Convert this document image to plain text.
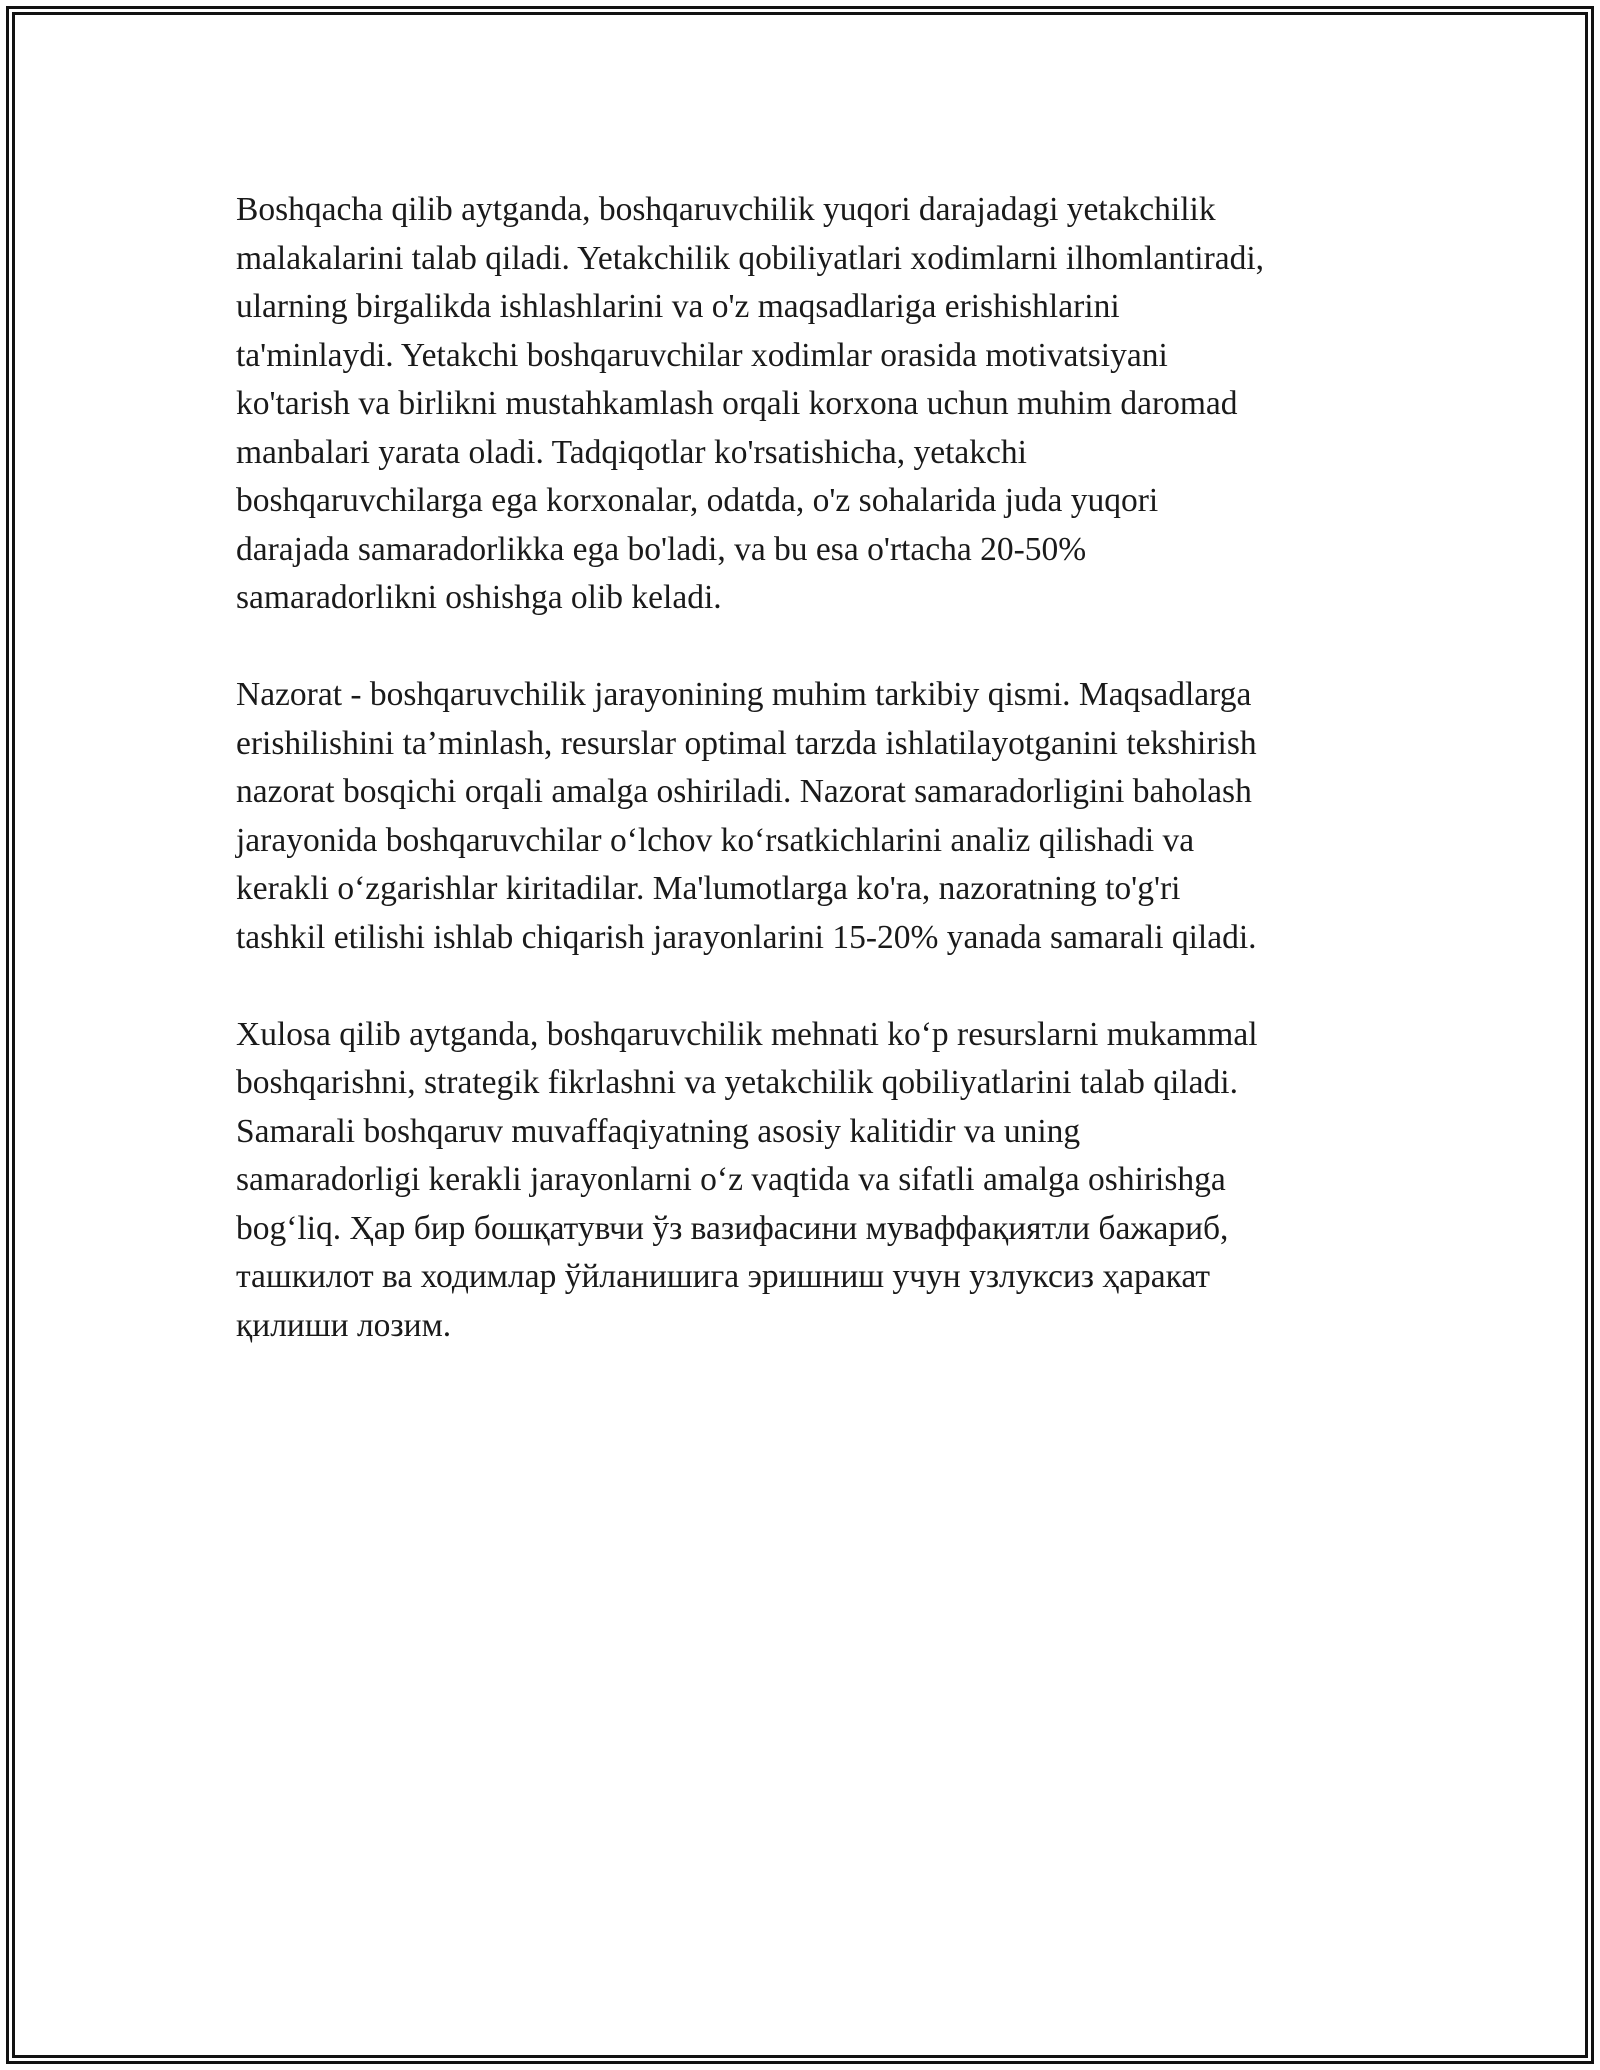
Boshqacha qilib aytganda, boshqaruvchilik yuqori darajadagi yetakchilik
malakalarini talab qiladi. Yetakchilik qobiliyatlari xodimlarni ilhomlantiradi,
ularning birgalikda ishlashlarini va o'z maqsadlariga erishishlarini
ta'minlaydi. Yetakchi boshqaruvchilar xodimlar orasida motivatsiyani
ko'tarish va birlikni mustahkamlash orqali korxona uchun muhim daromad
manbalari yarata oladi. Tadqiqotlar ko'rsatishicha, yetakchi
boshqaruvchilarga ega korxonalar, odatda, o'z sohalarida juda yuqori
darajada samaradorlikka ega bo'ladi, va bu esa o'rtacha 20-50%
samaradorlikni oshishga olib keladi.

Nazorat - boshqaruvchilik jarayonining muhim tarkibiy qismi. Maqsadlarga
erishilishini ta’minlash, resurslar optimal tarzda ishlatilayotganini tekshirish
nazorat bosqichi orqali amalga oshiriladi. Nazorat samaradorligini baholash
jarayonida boshqaruvchilar o‘lchov ko‘rsatkichlarini analiz qilishadi va
kerakli o‘zgarishlar kiritadilar. Ma'lumotlarga ko'ra, nazoratning to'g'ri
tashkil etilishi ishlab chiqarish jarayonlarini 15-20% yanada samarali qiladi.

Xulosa qilib aytganda, boshqaruvchilik mehnati ko‘p resurslarni mukammal
boshqarishni, strategik fikrlashni va yetakchilik qobiliyatlarini talab qiladi.
Samarali boshqaruv muvaffaqiyatning asosiy kalitidir va uning
samaradorligi kerakli jarayonlarni o‘z vaqtida va sifatli amalga oshirishga
bog‘liq. Ҳар бир бошқатувчи ўз вазифасини муваффақиятли бажариб,
ташкилот ва ходимлар ўйланишига эришниш учун узлуксиз ҳаракат
қилиши лозим.
